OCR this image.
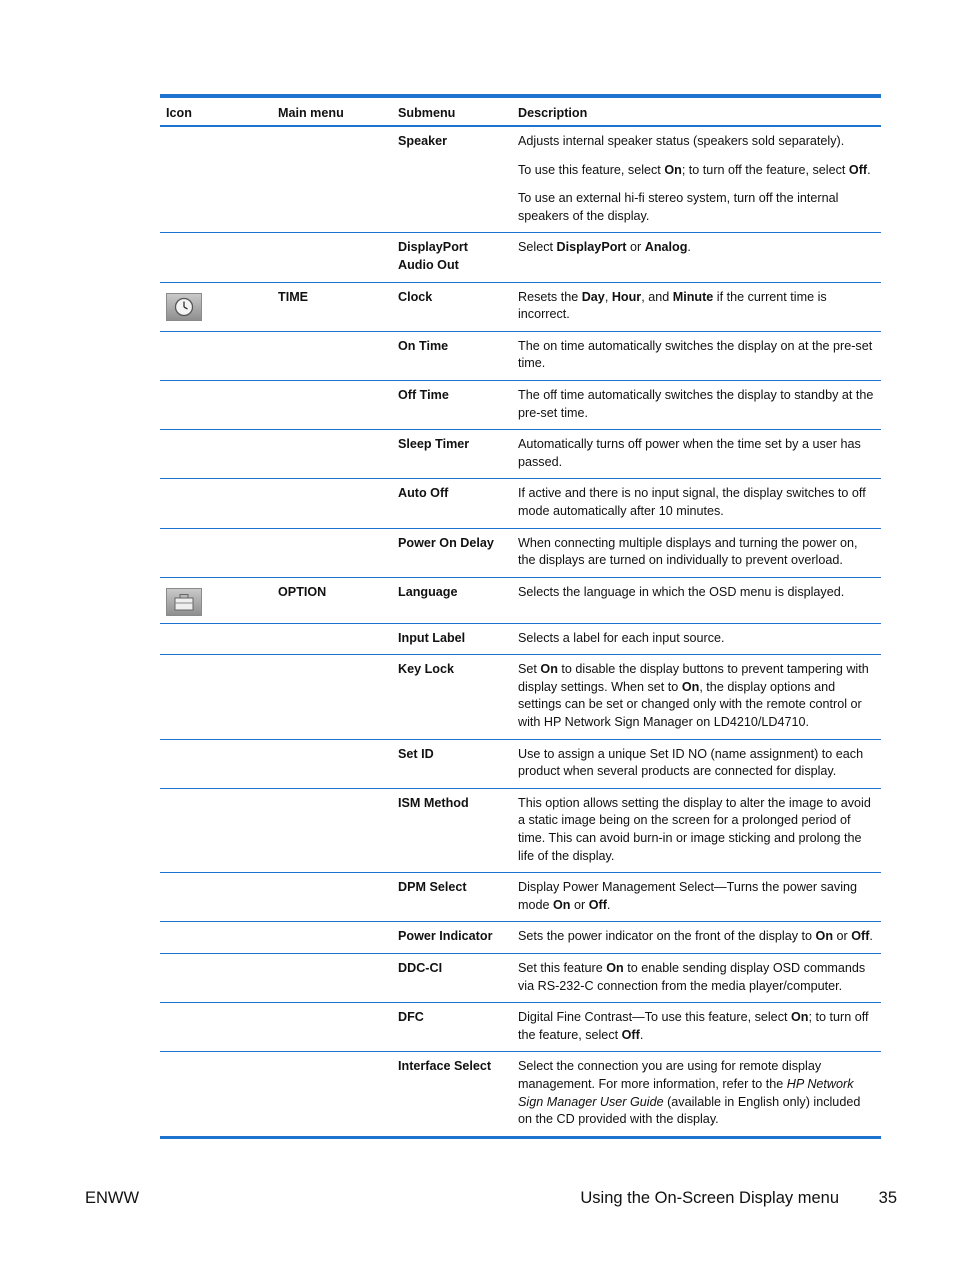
Icon	Main menu	Submenu	Description
		Speaker	Adjusts internal speaker status (speakers sold separately).

To use this feature, select On; to turn off the feature, select Off.

To use an external hi-fi stereo system, turn off the internal speakers of the display.

		DisplayPort Audio Out	Select DisplayPort or Analog.

	TIME	Clock	Resets the Day, Hour, and Minute if the current time is incorrect.

		On Time	The on time automatically switches the display on at the pre-set time.

		Off Time	The off time automatically switches the display to standby at the pre-set time.

		Sleep Timer	Automatically turns off power when the time set by a user has passed.

		Auto Off	If active and there is no input signal, the display switches to off mode automatically after 10 minutes.

		Power On Delay	When connecting multiple displays and turning the power on, the displays are turned on individually to prevent overload.

	OPTION	Language	Selects the language in which the OSD menu is displayed.

		Input Label	Selects a label for each input source.

		Key Lock	Set On to disable the display buttons to prevent tampering with display settings. When set to On, the display options and settings can be set or changed only with the remote control or with HP Network Sign Manager on LD4210/LD4710.

		Set ID	Use to assign a unique Set ID NO (name assignment) to each product when several products are connected for display.

		ISM Method	This option allows setting the display to alter the image to avoid a static image being on the screen for a prolonged period of time. This can avoid burn-in or image sticking and prolong the life of the display.

		DPM Select	Display Power Management Select—Turns the power saving mode On or Off.

		Power Indicator	Sets the power indicator on the front of the display to On or Off.

		DDC-CI	Set this feature On to enable sending display OSD commands via RS-232-C connection from the media player/computer.

		DFC	Digital Fine Contrast—To use this feature, select On; to turn off the feature, select Off.

		Interface Select	Select the connection you are using for remote display management. For more information, refer to the HP Network Sign Manager User Guide (available in English only) included on the CD provided with the display.

ENWW	Using the On-Screen Display menu 35
